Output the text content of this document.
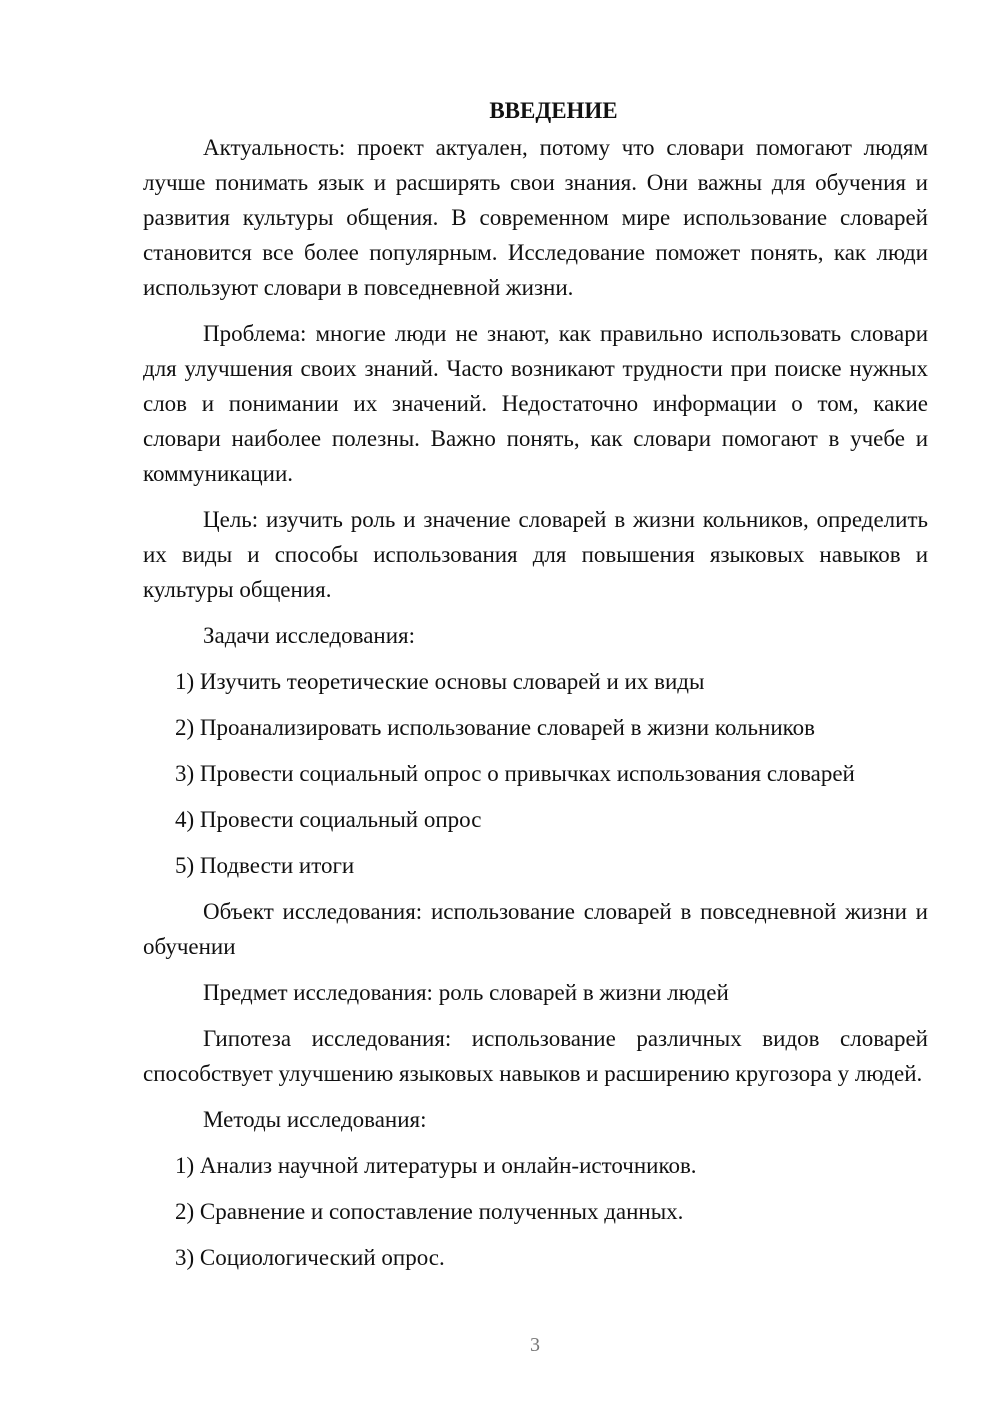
ВВЕДЕНИЕ

Актуальность: проект актуален, потому что словари помогают людям лучше понимать язык и расширять свои знания. Они важны для обучения и развития культуры общения. В современном мире использование словарей становится все более популярным. Исследование поможет понять, как люди используют словари в повседневной жизни.

Проблема: многие люди не знают, как правильно использовать словари для улучшения своих знаний. Часто возникают трудности при поиске нужных слов и понимании их значений. Недостаточно информации о том, какие словари наиболее полезны. Важно понять, как словари помогают в учебе и коммуникации.

Цель: изучить роль и значение словарей в жизни кольников, определить их виды и способы использования для повышения языковых навыков и культуры общения.

Задачи исследования:

1) Изучить теоретические основы словарей и их виды
2) Проанализировать использование словарей в жизни кольников
3) Провести социальный опрос о привычках использования словарей
4) Провести социальный опрос
5) Подвести итоги

Объект исследования: использование словарей в повседневной жизни и обучении

Предмет исследования: роль словарей в жизни людей

Гипотеза исследования: использование различных видов словарей способствует улучшению языковых навыков и расширению кругозора у людей.

Методы исследования:

1) Анализ научной литературы и онлайн-источников.
2) Сравнение и сопоставление полученных данных.
3) Социологический опрос.
3
